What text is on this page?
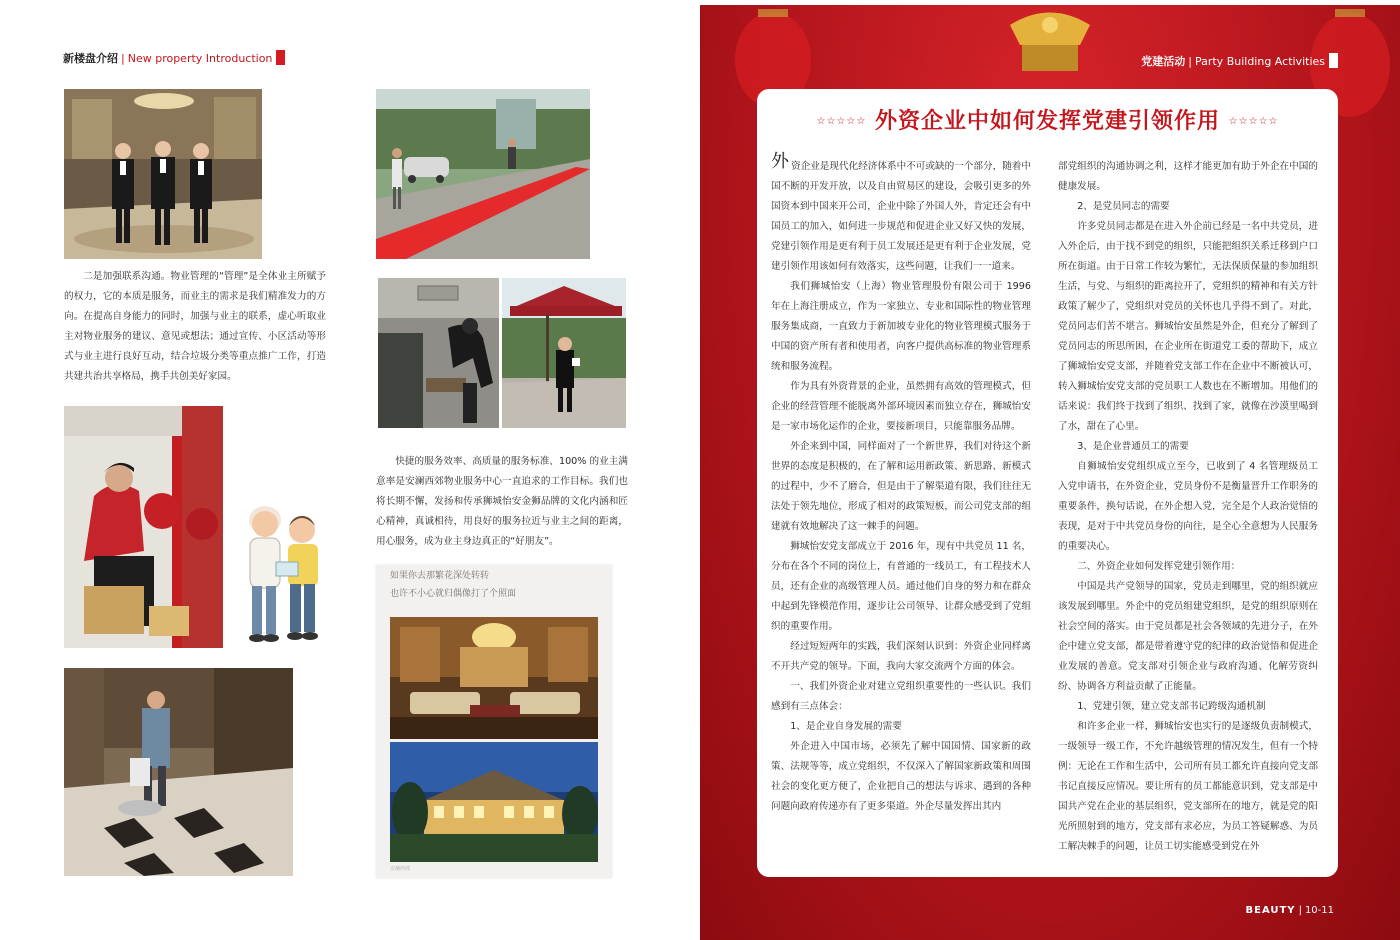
新楼盘介绍 | New property Introduction
二是加强联系沟通。物业管理的“管理”是全体业主所赋予的权力，它的本质是服务，而业主的需求是我们精准发力的方向。在提高自身能力的同时，加强与业主的联系，虚心听取业主对物业服务的建议、意见或想法；通过宣传、小区活动等形式与业主进行良好互动，结合垃圾分类等重点推广工作，打造共建共治共享格局，携手共创美好家园。
快捷的服务效率、高质量的服务标准、100% 的业主满意率是安澜西郊物业服务中心一直追求的工作目标。我们也将长期不懈，发扬和传承狮城怡安金狮品牌的文化内涵和匠心精神，真诚相待，用良好的服务拉近与业主之间的距离，用心服务，成为业主身边真正的“好朋友”。
如果你去那繁花深处转转
也许不小心就归偶像打了个照面
安澜西郊
党建活动 | Party Building Activities
☆☆☆☆☆ 外资企业中如何发挥党建引领作用 ☆☆☆☆☆

外资企业是现代化经济体系中不可或缺的一个部分，随着中国不断的开发开放，以及自由贸易区的建设，会吸引更多的外国资本到中国来开公司，企业中除了外国人外，肯定还会有中国员工的加入，如何进一步规范和促进企业又好又快的发展，党建引领作用是更有利于员工发展还是更有利于企业发展，党建引领作用该如何有效落实，这些问题，让我们一一道来。

我们狮城怡安（上海）物业管理股份有限公司于 1996 年在上海注册成立，作为一家独立、专业和国际性的物业管理服务集成商，一直致力于新加坡专业化的物业管理模式服务于中国的资产所有者和使用者，向客户提供高标准的物业管理系统和服务流程。

作为具有外资背景的企业，虽然拥有高效的管理模式，但企业的经营管理不能脱离外部环境因素而独立存在，狮城怡安是一家市场化运作的企业，要接新项目，只能靠服务品牌。

外企来到中国，同样面对了一个新世界，我们对待这个新世界的态度是积极的，在了解和运用新政策、新思路、新模式的过程中，少不了磨合，但是由于了解渠道有限，我们往往无法处于领先地位，形成了相对的政策短板，而公司党支部的组建就有效地解决了这一棘手的问题。

狮城怡安党支部成立于 2016 年，现有中共党员 11 名，分布在各个不同的岗位上，有普通的一线员工，有工程技术人员，还有企业的高级管理人员。通过他们自身的努力和在群众中起到先锋模范作用，逐步让公司领导、让群众感受到了党组织的重要作用。

经过短短两年的实践，我们深刻认识到：外资企业同样离不开共产党的领导。下面，我向大家交流两个方面的体会。

一、我们外资企业对建立党组织重要性的一些认识。我们感到有三点体会：

1、是企业自身发展的需要

外企进入中国市场，必须先了解中国国情、国家新的政策、法规等等，成立党组织，不仅深入了解国家新政策和周围社会的变化更方便了，企业把自己的想法与诉求、遇到的各种问题向政府传递亦有了更多渠道。外企尽量发挥出其内

部党组织的沟通协调之利，这样才能更加有助于外企在中国的健康发展。

2、是党员同志的需要

许多党员同志都是在进入外企前已经是一名中共党员，进入外企后，由于找不到党的组织，只能把组织关系迁移到户口所在街道。由于日常工作较为繁忙，无法保质保量的参加组织生活，与党、与组织的距离拉开了，党组织的精神和有关方针政策了解少了，党组织对党员的关怀也几乎得不到了。对此，党员同志们苦不堪言。狮城怡安虽然是外企，但充分了解到了党员同志的所思所困，在企业所在街道党工委的帮助下，成立了狮城怡安党支部，并随着党支部工作在企业中不断被认可，转入狮城怡安党支部的党员职工人数也在不断增加。用他们的话来说：我们终于找到了组织、找到了家，就像在沙漠里喝到了水，甜在了心里。

3、是企业普通员工的需要

自狮城怡安党组织成立至今，已收到了 4 名管理级员工入党申请书，在外资企业，党员身份不是衡量晋升工作职务的重要条件，换句话说，在外企想入党，完全是个人政治觉悟的表现，是对于中共党员身份的向往，是全心全意想为人民服务的重要决心。

二、外资企业如何发挥党建引领作用：

中国是共产党领导的国家，党员走到哪里，党的组织就应该发展到哪里。外企中的党员组建党组织，是党的组织原则在社会空间的落实。由于党员都是社会各领域的先进分子，在外企中建立党支部，都是带着遵守党的纪律的政治觉悟和促进企业发展的善意。党支部对引领企业与政府沟通、化解劳资纠纷、协调各方利益贡献了正能量。

1、党建引领，建立党支部书记跨级沟通机制

和许多企业一样，狮城怡安也实行的是逐级负责制模式，一级领导一级工作，不允许越级管理的情况发生，但有一个特例：无论在工作和生活中，公司所有员工都允许直接向党支部书记直接反应情况。要让所有的员工都能意识到，党支部是中国共产党在企业的基层组织，党支部所在的地方，就是党的阳光所照射到的地方，党支部有求必应，为员工答疑解惑、为员工解决棘手的问题，让员工切实能感受到党在外

BEAUTY | 10-11
